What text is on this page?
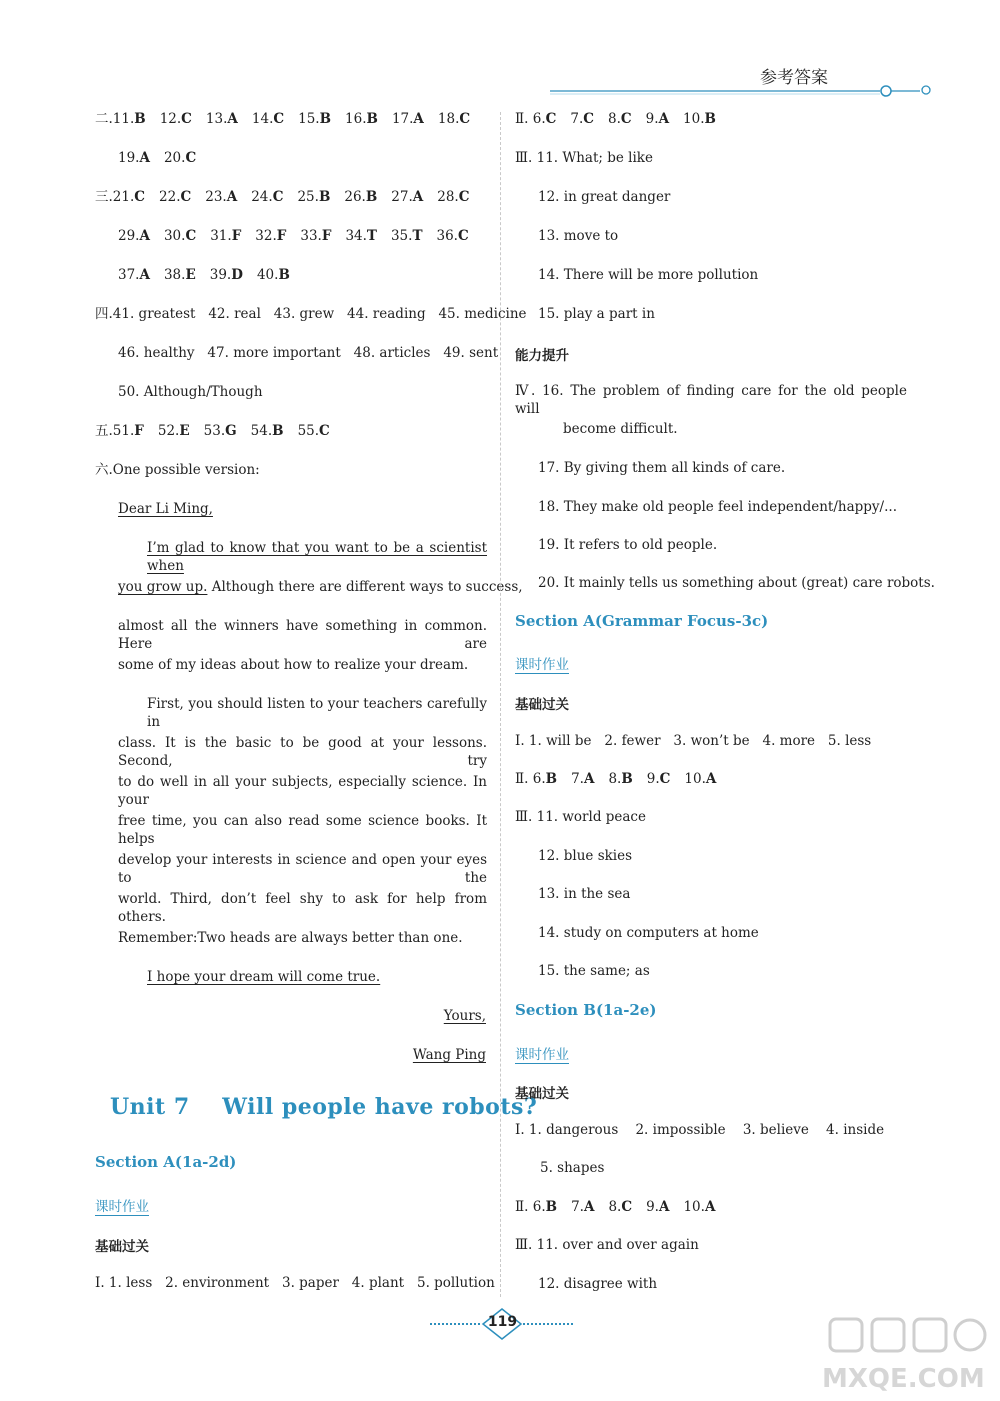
参考答案
二.11.B 12.C 13.A 14.C 15.B 16.B 17.A 18.C
19.A 20.C
三.21.C 22.C 23.A 24.C 25.B 26.B 27.A 28.C
29.A 30.C 31.F 32.F 33.F 34.T 35.T 36.C
37.A 38.E 39.D 40.B
四.41. greatest   42. real   43. grew   44. reading   45. medicine
46. healthy   47. more important   48. articles   49. sent
50. Although/Though
五.51.F 52.E 53.G 54.B 55.C
六.One possible version:
Dear Li Ming,
I’m glad to know that you want to be a scientist when
you grow up. Although there are different ways to success,
almost all the winners have something in common. Here are
some of my ideas about how to realize your dream.
First, you should listen to your teachers carefully in
class. It is the basic to be good at your lessons. Second, try
to do well in all your subjects, especially science. In your
free time, you can also read some science books. It helps
develop your interests in science and open your eyes to the
world. Third, don’t feel shy to ask for help from others.
Remember:Two heads are always better than one.
I hope your dream will come true.
Yours,
Wang Ping
Unit 7    Will people have robots?
Section A(1a-2d)
课时作业
基础过关
Ⅰ. 1. less   2. environment   3. paper   4. plant   5. pollution
Ⅱ. 6.C 7.C 8.C 9.A 10.B
Ⅲ. 11. What; be like
12. in great danger
13. move to
14. There will be more pollution
15. play a part in
能力提升
Ⅳ. 16. The problem of finding care for the old people will
become difficult.
17. By giving them all kinds of care.
18. They make old people feel independent/happy/...
19. It refers to old people.
20. It mainly tells us something about (great) care robots.
Section A(Grammar Focus-3c)
课时作业
基础过关
Ⅰ. 1. will be   2. fewer   3. won’t be   4. more   5. less
Ⅱ. 6.B 7.A 8.B 9.C 10.A
Ⅲ. 11. world peace
12. blue skies
13. in the sea
14. study on computers at home
15. the same; as
Section B(1a-2e)
课时作业
基础过关
Ⅰ. 1. dangerous    2. impossible    3. believe    4. inside
5. shapes
Ⅱ. 6.B 7.A 8.C 9.A 10.A
Ⅲ. 11. over and over again
12. disagree with
119
MXQE.COM
